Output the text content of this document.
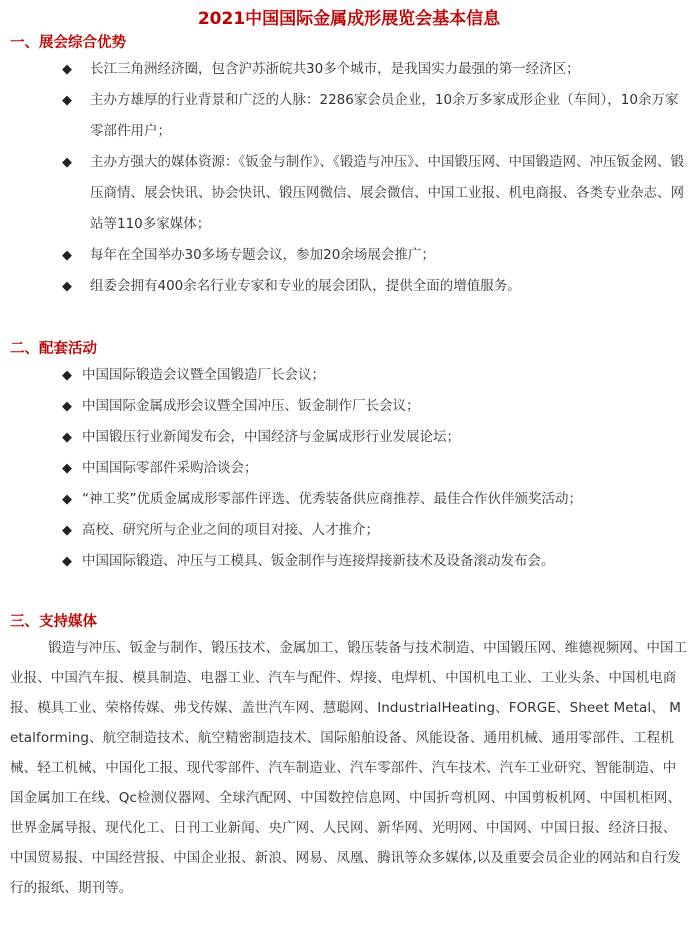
2021中国国际金属成形展览会基本信息
一、展会综合优势
◆ 长江三角洲经济圈，包含沪苏浙皖共30多个城市，是我国实力最强的第一经济区；
◆ 主办方雄厚的行业背景和广泛的人脉：2286家会员企业，10余万多家成形企业（车间），10余万家零部件用户；
◆ 主办方强大的媒体资源：《钣金与制作》、《锻造与冲压》、中国锻压网、中国锻造网、冲压钣金网、锻压商情、展会快讯、协会快讯、锻压网微信、展会微信、中国工业报、机电商报、各类专业杂志、网站等110多家媒体；
◆ 每年在全国举办30多场专题会议，参加20余场展会推广；
◆ 组委会拥有400余名行业专家和专业的展会团队，提供全面的增值服务。
二、配套活动
◆ 中国国际锻造会议暨全国锻造厂长会议；
◆ 中国国际金属成形会议暨全国冲压、钣金制作厂长会议；
◆ 中国锻压行业新闻发布会，中国经济与金属成形行业发展论坛；
◆ 中国国际零部件采购洽谈会；
◆ “神工奖”优质金属成形零部件评选、优秀装备供应商推荐、最佳合作伙伴颁奖活动；
◆ 高校、研究所与企业之间的项目对接、人才推介；
◆ 中国国际锻造、冲压与工模具、钣金制作与连接焊接新技术及设备滚动发布会。
三、支持媒体

锻造与冲压、钣金与制作、锻压技术、金属加工、锻压装备与技术制造、中国锻压网、维德视频网、中国工业报、中国汽车报、模具制造、电器工业、汽车与配件、焊接、电焊机、中国机电工业、工业头条、中国机电商报、模具工业、荣格传媒、弗戈传媒、盖世汽车网、慧聪网、IndustrialHeating、FORGE、Sheet Metal、 Metalforming、航空制造技术、航空精密制造技术、国际船舶设备、风能设备、通用机械、通用零部件、工程机械、轻工机械、中国化工报、现代零部件、汽车制造业、汽车零部件、汽车技术、汽车工业研究、智能制造、中国金属加工在线、Qc检测仪器网、全球汽配网、中国数控信息网、中国折弯机网、中国剪板机网、中国机柜网、世界金属导报、现代化工、日刊工业新闻、央广网、人民网、新华网、光明网、中国网、中国日报、经济日报、中国贸易报、中国经营报、中国企业报、新浪、网易、凤凰、腾讯等众多媒体,以及重要会员企业的网站和自行发行的报纸、期刊等。
